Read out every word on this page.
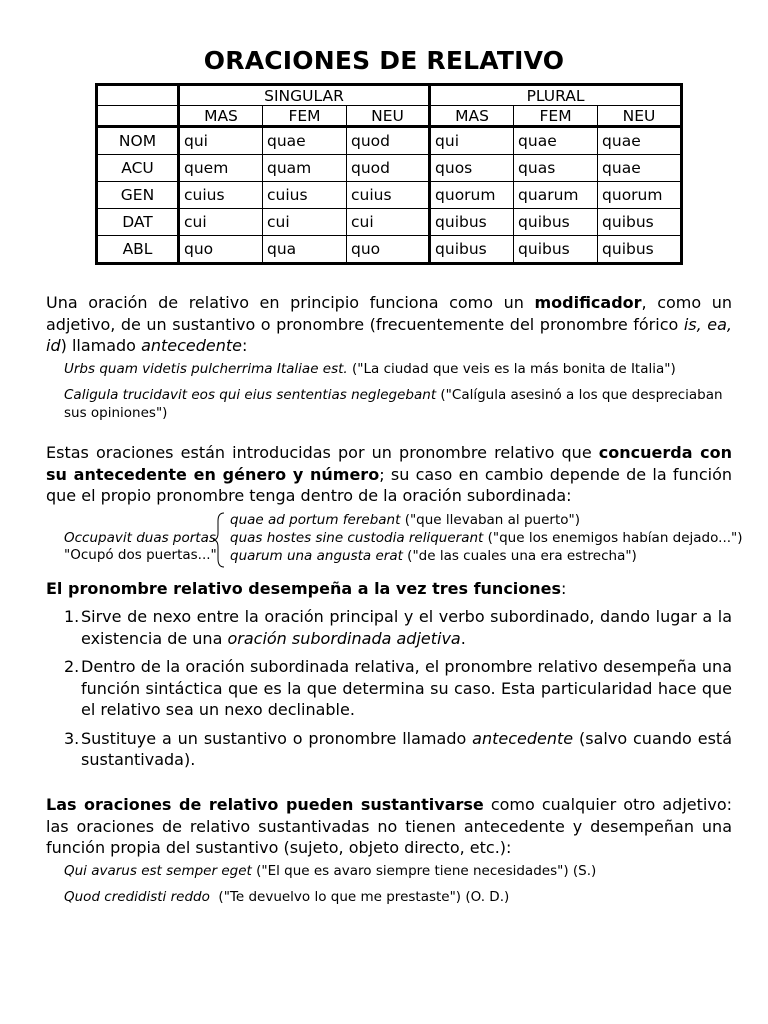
ORACIONES DE RELATIVO
	SINGULAR			PLURAL		
	MAS	FEM	NEU	MAS	FEM	NEU
NOM	qui	quae	quod	qui	quae	quae
ACU	quem	quam	quod	quos	quas	quae
GEN	cuius	cuius	cuius	quorum	quarum	quorum
DAT	cui	cui	cui	quibus	quibus	quibus
ABL	quo	qua	quo	quibus	quibus	quibus
Una oración de relativo en principio funciona como un modificador, como un adjetivo, de un sustantivo o pronombre (frecuentemente del pronombre fórico is, ea, id) llamado antecedente:
Urbs quam videtis pulcherrima Italiae est. ("La ciudad que veis es la más bonita de Italia")
Caligula trucidavit eos qui eius sententias neglegebant ("Calígula asesinó a los que despreciaban sus opiniones")
Estas oraciones están introducidas por un pronombre relativo que concuerda con su antecedente en género y número; su caso en cambio depende de la función que el propio pronombre tenga dentro de la oración subordinada:
Occupavit duas portas
"Ocupó dos puertas..."
quae ad portum ferebant ("que llevaban al puerto")
quas hostes sine custodia reliquerant ("que los enemigos habían dejado...")
quarum una angusta erat ("de las cuales una era estrecha")
El pronombre relativo desempeña a la vez tres funciones:
1. Sirve de nexo entre la oración principal y el verbo subordinado, dando lugar a la existencia de una oración subordinada adjetiva.
2. Dentro de la oración subordinada relativa, el pronombre relativo desempeña una función sintáctica que es la que determina su caso. Esta particularidad hace que el relativo sea un nexo declinable.
3. Sustituye a un sustantivo o pronombre llamado antecedente (salvo cuando está sustantivada).
Las oraciones de relativo pueden sustantivarse como cualquier otro adjetivo: las oraciones de relativo sustantivadas no tienen antecedente y desempeñan una función propia del sustantivo (sujeto, objeto directo, etc.):
Qui avarus est semper eget ("El que es avaro siempre tiene necesidades") (S.)
Quod credidisti reddo  ("Te devuelvo lo que me prestaste") (O. D.)
